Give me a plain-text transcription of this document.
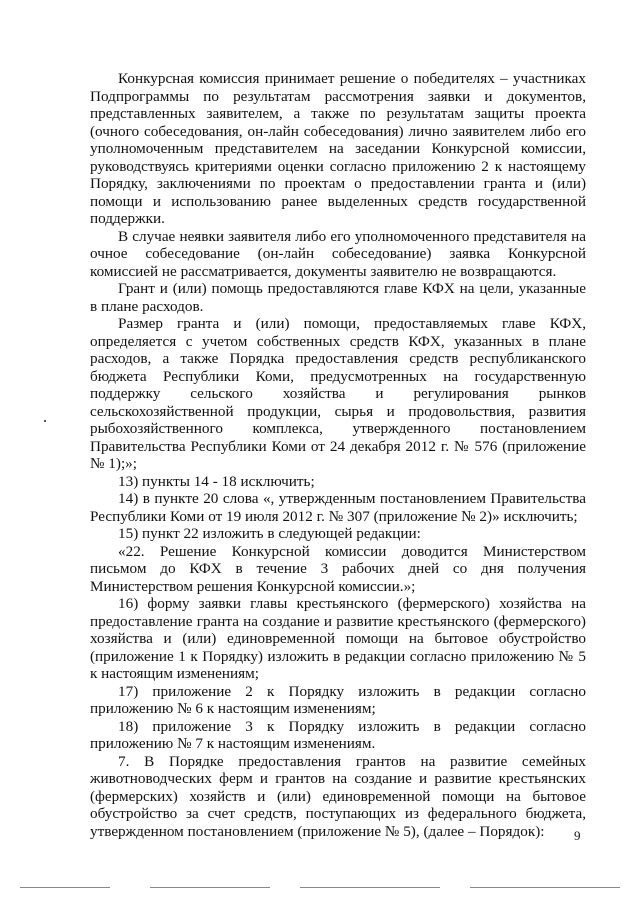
Конкурсная комиссия принимает решение о победителях – участниках Подпрограммы по результатам рассмотрения заявки и документов, представленных заявителем, а также по результатам защиты проекта (очного собеседования, он-лайн собеседования) лично заявителем либо его уполномоченным представителем на заседании Конкурсной комиссии, руководствуясь критериями оценки согласно приложению 2 к настоящему Порядку, заключениями по проектам о предоставлении гранта и (или) помощи и использованию ранее выделенных средств государственной поддержки.

В случае неявки заявителя либо его уполномоченного представителя на очное собеседование (он-лайн собеседование) заявка Конкурсной комиссией не рассматривается, документы заявителю не возвращаются.

Грант и (или) помощь предоставляются главе КФХ на цели, указанные в плане расходов.

Размер гранта и (или) помощи, предоставляемых главе КФХ, определяется с учетом собственных средств КФХ, указанных в плане расходов, а также Порядка предоставления средств республиканского бюджета Республики Коми, предусмотренных на государственную поддержку сельского хозяйства и регулирования рынков сельскохозяйственной продукции, сырья и продовольствия, развития рыбохозяйственного комплекса, утвержденного постановлением Правительства Республики Коми от 24 декабря 2012 г. № 576 (приложение № 1);»;

13) пункты 14 - 18 исключить;

14) в пункте 20 слова «, утвержденным постановлением Правительства Республики Коми от 19 июля 2012 г. № 307 (приложение № 2)» исключить;

15) пункт 22 изложить в следующей редакции:

«22. Решение Конкурсной комиссии доводится Министерством письмом до КФХ в течение 3 рабочих дней со дня получения Министерством решения Конкурсной комиссии.»;

16) форму заявки главы крестьянского (фермерского) хозяйства на предоставление гранта на создание и развитие крестьянского (фермерского) хозяйства и (или) единовременной помощи на бытовое обустройство (приложение 1 к Порядку) изложить в редакции согласно приложению № 5 к настоящим изменениям;

17) приложение 2 к Порядку изложить в редакции согласно приложению № 6 к настоящим изменениям;

18) приложение 3 к Порядку изложить в редакции согласно приложению № 7 к настоящим изменениям.

7. В Порядке предоставления грантов на развитие семейных животноводческих ферм и грантов на создание и развитие крестьянских (фермерских) хозяйств и (или) единовременной помощи на бытовое обустройство за счет средств, поступающих из федерального бюджета, утвержденном постановлением (приложение № 5), (далее – Порядок):	9
